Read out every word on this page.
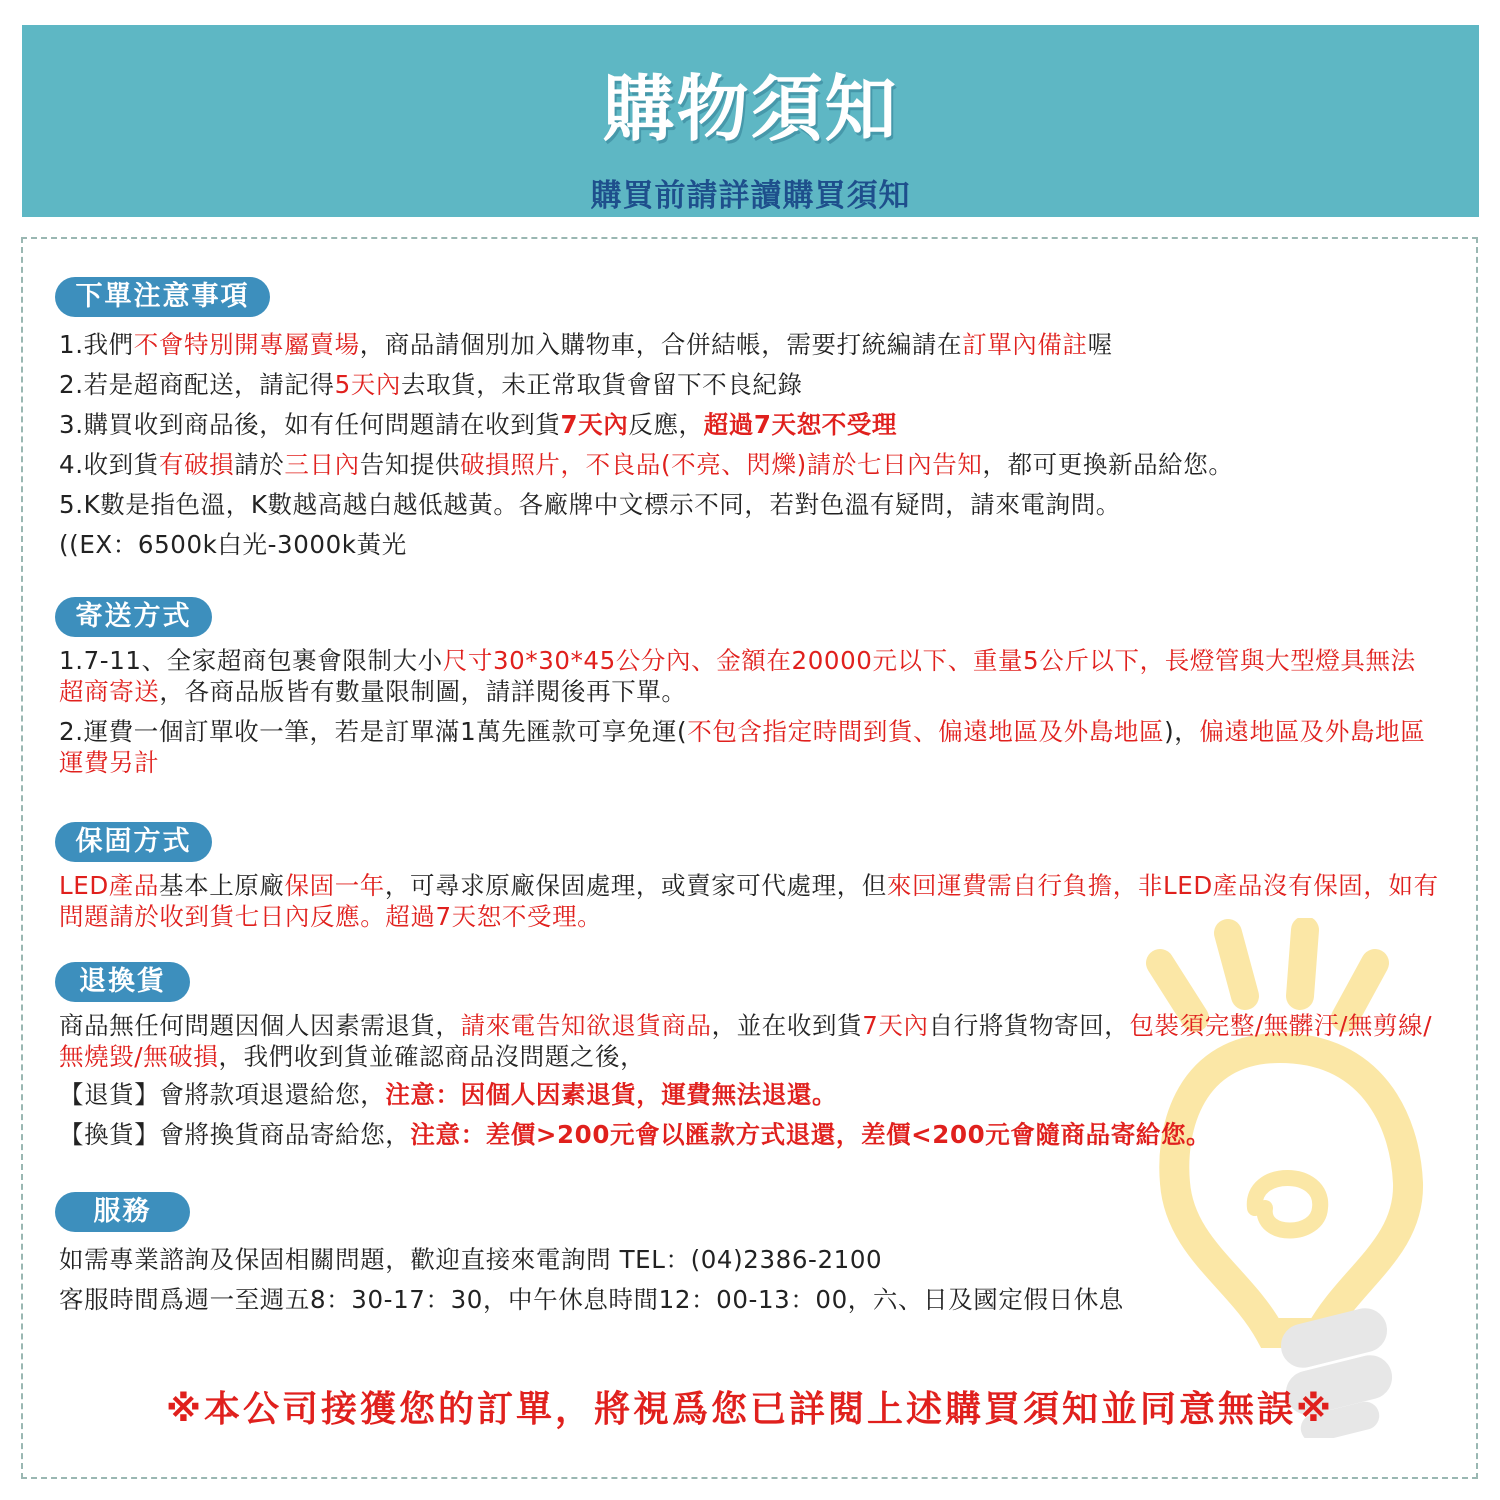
購物須知
購買前請詳讀購買須知
下單注意事項
1.我們不會特別開專屬賣場，商品請個別加入購物車，合併結帳，需要打統編請在訂單內備註喔
2.若是超商配送，請記得5天內去取貨，未正常取貨會留下不良紀錄
3.購買收到商品後，如有任何問題請在收到貨7天內反應，超過7天恕不受理
4.收到貨有破損請於三日內告知提供破損照片，不良品(不亮、閃爍)請於七日內告知，都可更換新品給您。
5.K數是指色溫，K數越高越白越低越黃。各廠牌中文標示不同，若對色溫有疑問，請來電詢問。
((EX：6500k白光-3000k黃光
寄送方式
1.7-11、全家超商包裹會限制大小尺寸30*30*45公分內、金額在20000元以下、重量5公斤以下，長燈管與大型燈具無法超商寄送，各商品版皆有數量限制圖，請詳閱後再下單。
2.運費一個訂單收一筆，若是訂單滿1萬先匯款可享免運(不包含指定時間到貨、偏遠地區及外島地區)，偏遠地區及外島地區運費另計
保固方式
LED產品基本上原廠保固一年，可尋求原廠保固處理，或賣家可代處理，但來回運費需自行負擔，非LED產品沒有保固，如有問題請於收到貨七日內反應。超過7天恕不受理。
退換貨
商品無任何問題因個人因素需退貨，請來電告知欲退貨商品，並在收到貨7天內自行將貨物寄回，包裝須完整/無髒汙/無剪線/無燒毀/無破損，我們收到貨並確認商品沒問題之後，
【退貨】會將款項退還給您，注意：因個人因素退貨，運費無法退還。
【換貨】會將換貨商品寄給您，注意：差價>200元會以匯款方式退還，差價<200元會隨商品寄給您。
服務
如需專業諮詢及保固相關問題，歡迎直接來電詢問 TEL：(04)2386-2100
客服時間爲週一至週五8：30-17：30，中午休息時間12：00-13：00，六、日及國定假日休息
※本公司接獲您的訂單，將視爲您已詳閱上述購買須知並同意無誤※
